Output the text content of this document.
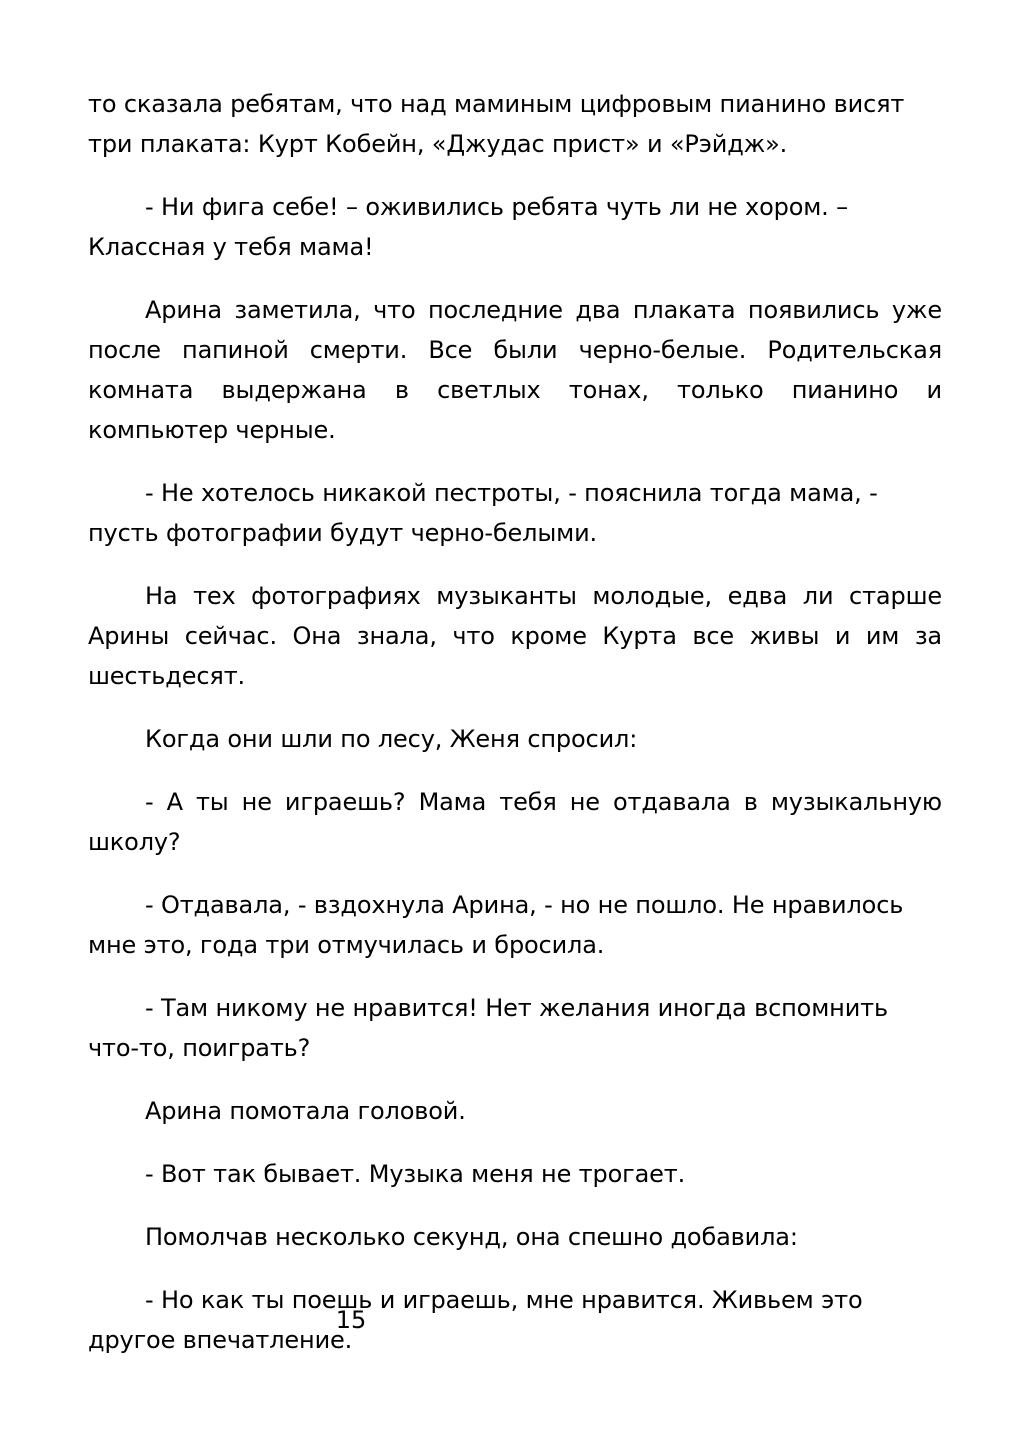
то сказала ребятам, что над маминым цифровым пианино висят три плаката: Курт Кобейн, «Джудас прист» и «Рэйдж».

- Ни фига себе! – оживились ребята чуть ли не хором. – Классная у тебя мама!

Арина заметила, что последние два плаката появились уже после папиной смерти. Все были черно-белые. Родительская комната выдержана в светлых тонах, только пианино и компьютер черные.

- Не хотелось никакой пестроты, - пояснила тогда мама, - пусть фотографии будут черно-белыми.

На тех фотографиях музыканты молодые, едва ли старше Арины сейчас. Она знала, что кроме Курта все живы и им за шестьдесят.

Когда они шли по лесу, Женя спросил:

- А ты не играешь? Мама тебя не отдавала в музыкальную школу?

- Отдавала, - вздохнула Арина, - но не пошло. Не нравилось мне это, года три отмучилась и бросила.

- Там никому не нравится! Нет желания иногда вспомнить что-то, поиграть?

Арина помотала головой.

- Вот так бывает. Музыка меня не трогает.

Помолчав несколько секунд, она спешно добавила:

- Но как ты поешь и играешь, мне нравится. Живьем это другое впечатление.

15
